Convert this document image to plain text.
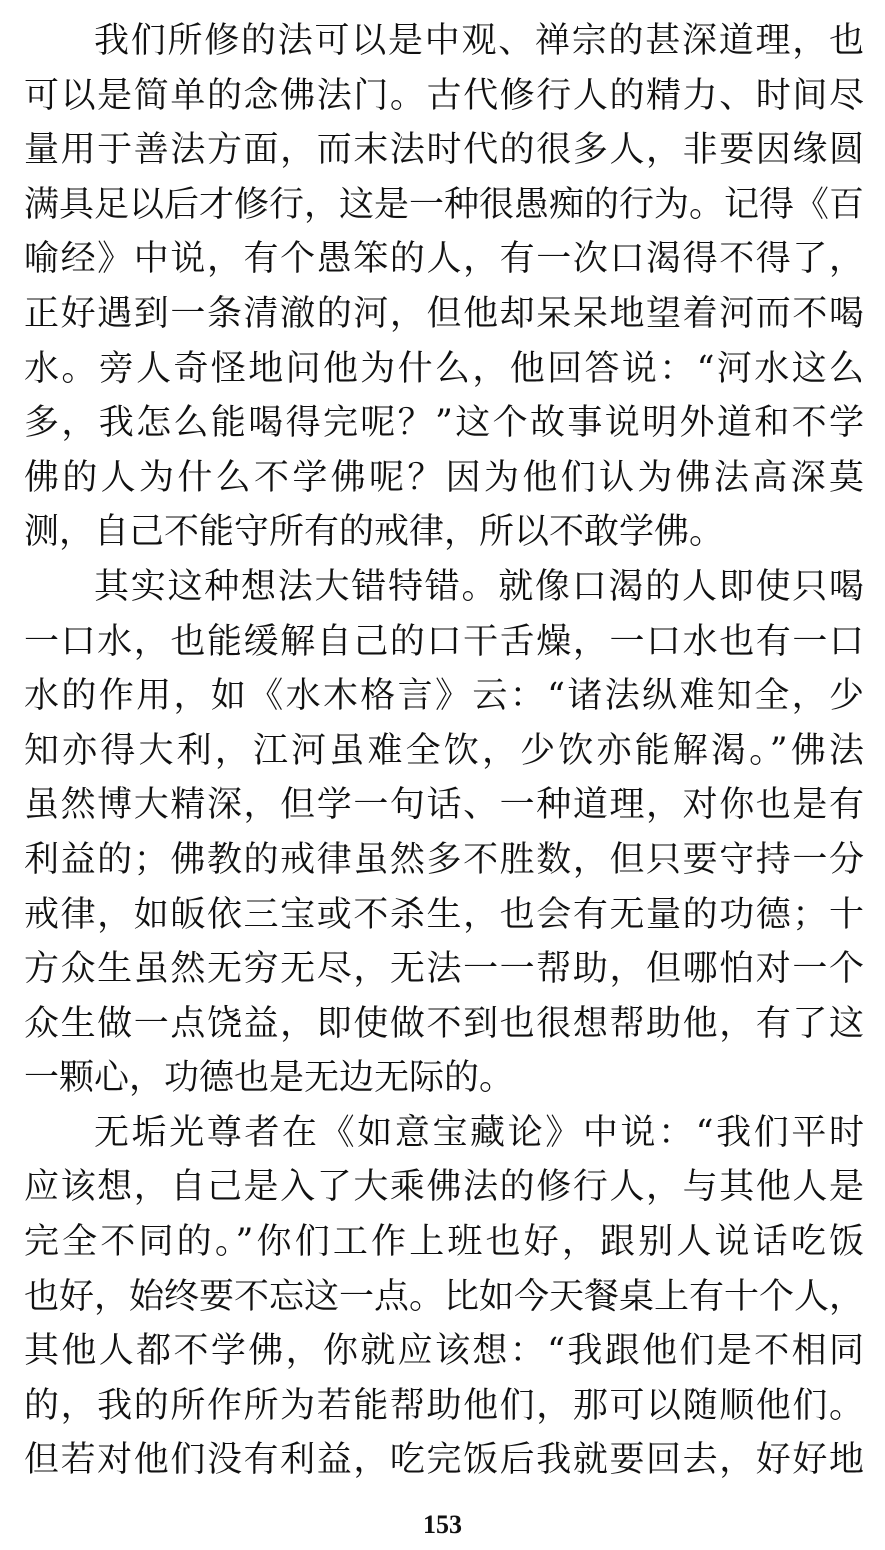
我们所修的法可以是中观、禅宗的甚深道理，也
可以是简单的念佛法门。古代修行人的精力、时间尽
量用于善法方面，而末法时代的很多人，非要因缘圆
满具足以后才修行，这是一种很愚痴的行为。记得《百
喻经》中说，有个愚笨的人，有一次口渴得不得了，
正好遇到一条清澈的河，但他却呆呆地望着河而不喝
水。旁人奇怪地问他为什么，他回答说：“河水这么
多，我怎么能喝得完呢？”这个故事说明外道和不学
佛的人为什么不学佛呢？因为他们认为佛法高深莫
测，自己不能守所有的戒律，所以不敢学佛。
其实这种想法大错特错。就像口渴的人即使只喝
一口水，也能缓解自己的口干舌燥，一口水也有一口
水的作用，如《水木格言》云：“诸法纵难知全，少
知亦得大利，江河虽难全饮，少饮亦能解渴。”佛法
虽然博大精深，但学一句话、一种道理，对你也是有
利益的；佛教的戒律虽然多不胜数，但只要守持一分
戒律，如皈依三宝或不杀生，也会有无量的功德；十
方众生虽然无穷无尽，无法一一帮助，但哪怕对一个
众生做一点饶益，即使做不到也很想帮助他，有了这
一颗心，功德也是无边无际的。
无垢光尊者在《如意宝藏论》中说：“我们平时
应该想，自己是入了大乘佛法的修行人，与其他人是
完全不同的。”你们工作上班也好，跟别人说话吃饭
也好，始终要不忘这一点。比如今天餐桌上有十个人，
其他人都不学佛，你就应该想：“我跟他们是不相同
的，我的所作所为若能帮助他们，那可以随顺他们。
但若对他们没有利益，吃完饭后我就要回去，好好地
153
